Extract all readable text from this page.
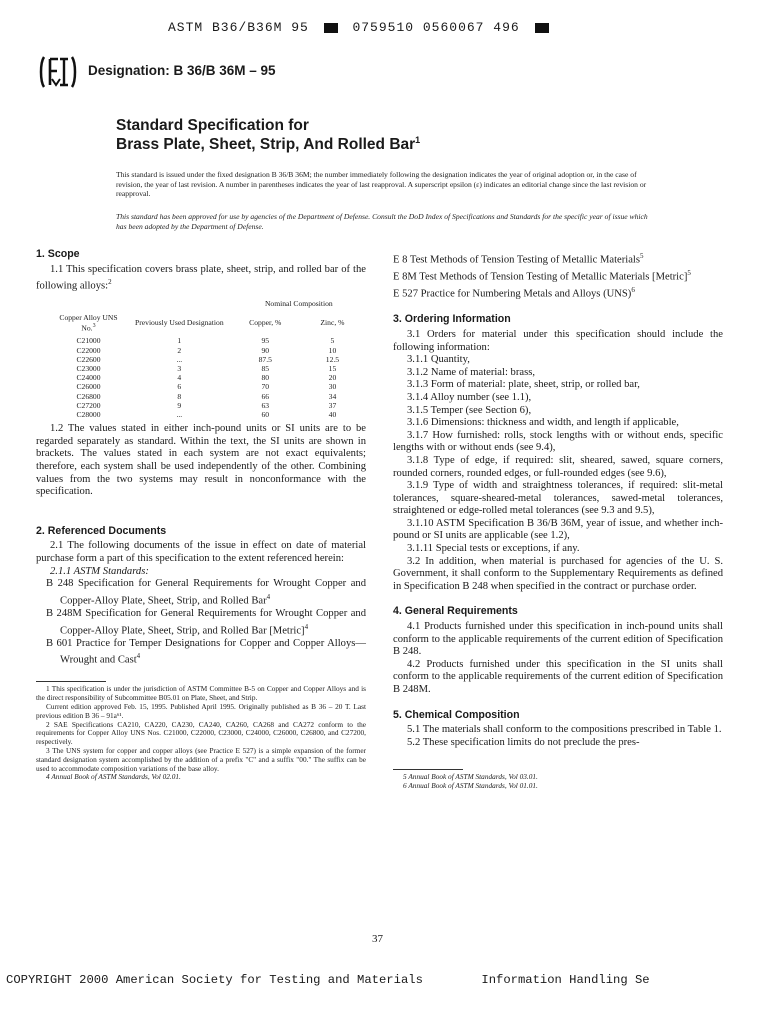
ASTM B36/B36M 95	0759510 0560067 496
Designation: B 36/B 36M – 95
Standard Specification for
Brass Plate, Sheet, Strip, And Rolled Bar$^1$
This standard is issued under the fixed designation B 36/B 36M; the number immediately following the designation indicates the year of original adoption or, in the case of revision, the year of last revision. A number in parentheses indicates the year of last reapproval. A superscript epsilon (ε) indicates an editorial change since the last revision or reapproval.
This standard has been approved for use by agencies of the Department of Defense. Consult the DoD Index of Specifications and Standards for the specific year of issue which has been adopted by the Department of Defense.
1. Scope

1.1 This specification covers brass plate, sheet, strip, and rolled bar of the following alloys:$^2$

		Nominal Composition	

Copper Alloy UNS No.$^3$	Previously Used Designation	Copper, %	Zinc, %

C21000	1	95	5
C22000	2	90	10
C22600	...	87.5	12.5
C23000	3	85	15
C24000	4	80	20
C26000	6	70	30
C26800	8	66	34
C27200	9	63	37
C28000	...	60	40

1.2 The values stated in either inch-pound units or SI units are to be regarded separately as standard. Within the text, the SI units are shown in brackets. The values stated in each system are not exact equivalents; therefore, each system shall be used independently of the other. Combining values from the two systems may result in nonconformance with the specification.

2. Referenced Documents

2.1 The following documents of the issue in effect on date of material purchase form a part of this specification to the extent referenced herein:

2.1.1 ASTM Standards:

B 248 Specification for General Requirements for Wrought Copper and Copper-Alloy Plate, Sheet, Strip, and Rolled Bar$^4$

B 248M Specification for General Requirements for Wrought Copper and Copper-Alloy Plate, Sheet, Strip, and Rolled Bar [Metric]$^4$

B 601 Practice for Temper Designations for Copper and Copper Alloys—Wrought and Cast$^4$

1 This specification is under the jurisdiction of ASTM Committee B-5 on Copper and Copper Alloys and is the direct responsibility of Subcommittee B05.01 on Plate, Sheet, and Strip.

Current edition approved Feb. 15, 1995. Published April 1995. Originally published as B 36 – 20 T. Last previous edition B 36 – 91a⁶¹.

2 SAE Specifications CA210, CA220, CA230, CA240, CA260, CA268 and CA272 conform to the requirements for Copper Alloy UNS Nos. C21000, C22000, C23000, C24000, C26000, C26800, and C27200, respectively.

3 The UNS system for copper and copper alloys (see Practice E 527) is a simple expansion of the former standard designation system accomplished by the addition of a prefix "C" and a suffix "00." The suffix can be used to accommodate composition variations of the base alloy.

4 Annual Book of ASTM Standards, Vol 02.01.

E 8 Test Methods of Tension Testing of Metallic Materials$^5$

E 8M Test Methods of Tension Testing of Metallic Materials [Metric]$^5$

E 527 Practice for Numbering Metals and Alloys (UNS)$^6$

3. Ordering Information

3.1 Orders for material under this specification should include the following information:

3.1.1 Quantity,

3.1.2 Name of material: brass,

3.1.3 Form of material: plate, sheet, strip, or rolled bar,

3.1.4 Alloy number (see 1.1),

3.1.5 Temper (see Section 6),

3.1.6 Dimensions: thickness and width, and length if applicable,

3.1.7 How furnished: rolls, stock lengths with or without ends, specific lengths with or without ends (see 9.4),

3.1.8 Type of edge, if required: slit, sheared, sawed, square corners, rounded corners, rounded edges, or full-rounded edges (see 9.6),

3.1.9 Type of width and straightness tolerances, if required: slit-metal tolerances, square-sheared-metal tolerances, sawed-metal tolerances, straightened or edge-rolled metal tolerances (see 9.3 and 9.5),

3.1.10 ASTM Specification B 36/B 36M, year of issue, and whether inch-pound or SI units are applicable (see 1.2),

3.1.11 Special tests or exceptions, if any.

3.2 In addition, when material is purchased for agencies of the U. S. Government, it shall conform to the Supplementary Requirements as defined in Specification B 248 when specified in the contract or purchase order.

4. General Requirements

4.1 Products furnished under this specification in inch-pound units shall conform to the applicable requirements of the current edition of Specification B 248.

4.2 Products furnished under this specification in the SI units shall conform to the applicable requirements of the current edition of Specification B 248M.

5. Chemical Composition

5.1 The materials shall conform to the compositions prescribed in Table 1.

5.2 These specification limits do not preclude the pres-

5 Annual Book of ASTM Standards, Vol 03.01.

6 Annual Book of ASTM Standards, Vol 01.01.

37
COPYRIGHT 2000 American Society for Testing and Materials        Information Handling Se
